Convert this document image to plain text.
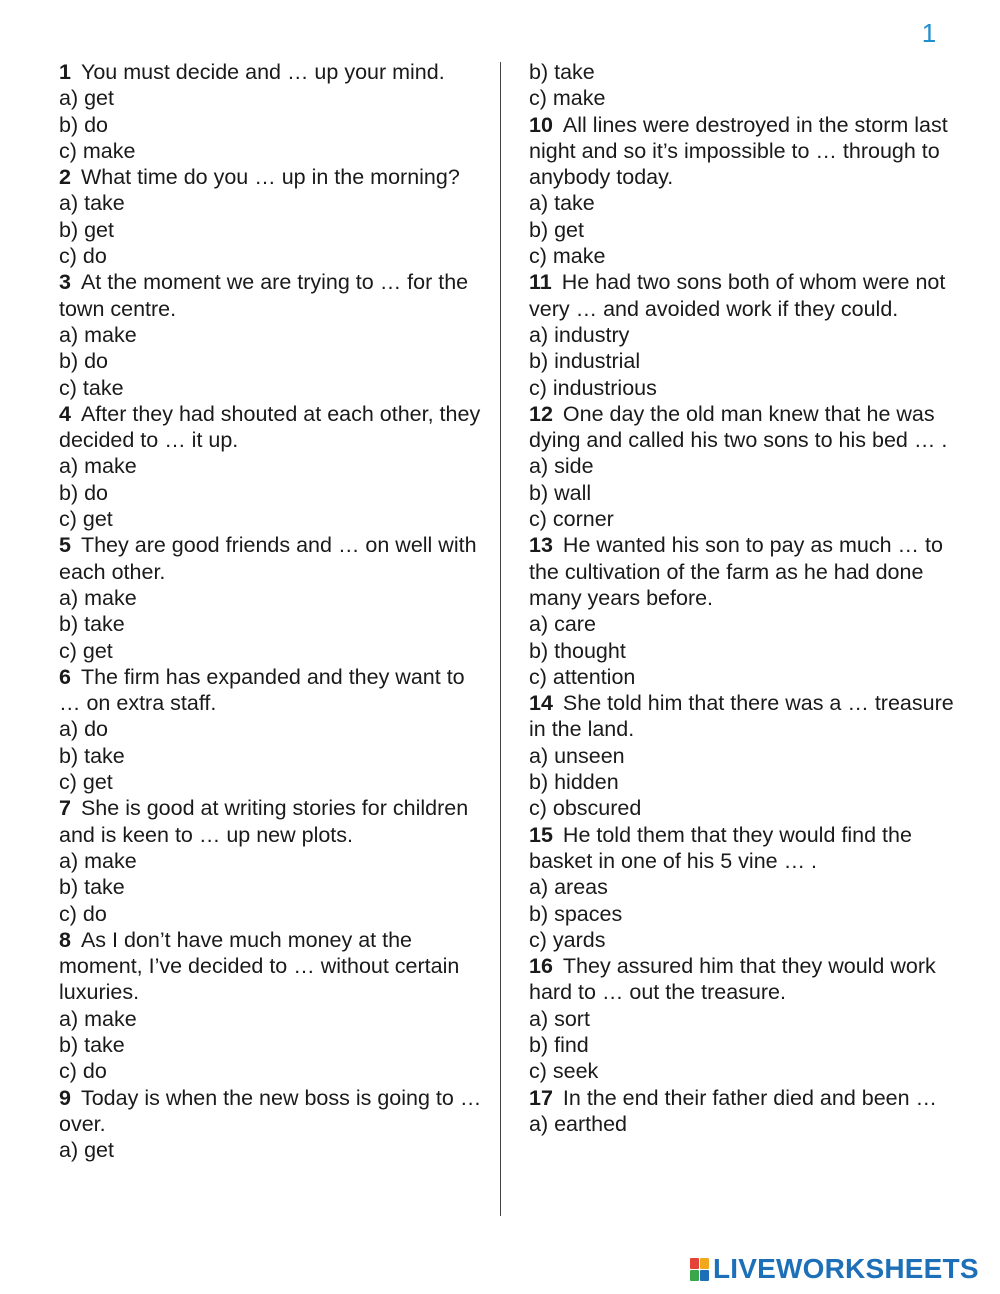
1

1 You must decide and … up your mind.

a) get
b) do
c) make

2 What time do you … up in the morning?

a) take
b) get
c) do

3 At the moment we are trying to … for the town centre.

a) make
b) do
c) take

4 After they had shouted at each other, they decided to … it up.

a) make
b) do
c) get

5 They are good friends and … on well with each other.

a) make
b) take
c) get

6 The firm has expanded and they want to … on extra staff.

a) do
b) take
c) get

7 She is good at writing stories for children and is keen to … up new plots.

a) make
b) take
c) do

8 As I don’t have much money at the moment, I’ve decided to … without certain luxuries.

a) make
b) take
c) do

9 Today is when the new boss is going to … over.

a) get
b) take
c) make

10 All lines were destroyed in the storm last night and so it’s impossible to … through to anybody today.

a) take
b) get
c) make

11 He had two sons both of whom were not very … and avoided work if they could.

a) industry
b) industrial
c) industrious

12 One day the old man knew that he was dying and called his two sons to his bed … .

a) side
b) wall
c) corner

13 He wanted his son to pay as much … to the cultivation of the farm as he had done many years before.

a) care
b) thought
c) attention

14 She told him that there was a … treasure in the land.

a) unseen
b) hidden
c) obscured

15 He told them that they would find the basket in one of his 5 vine … .

a) areas
b) spaces
c) yards

16 They assured him that they would work hard to … out the treasure.

a) sort
b) find
c) seek

17 In the end their father died and been …

a) earthed
LIVEWORKSHEETS
